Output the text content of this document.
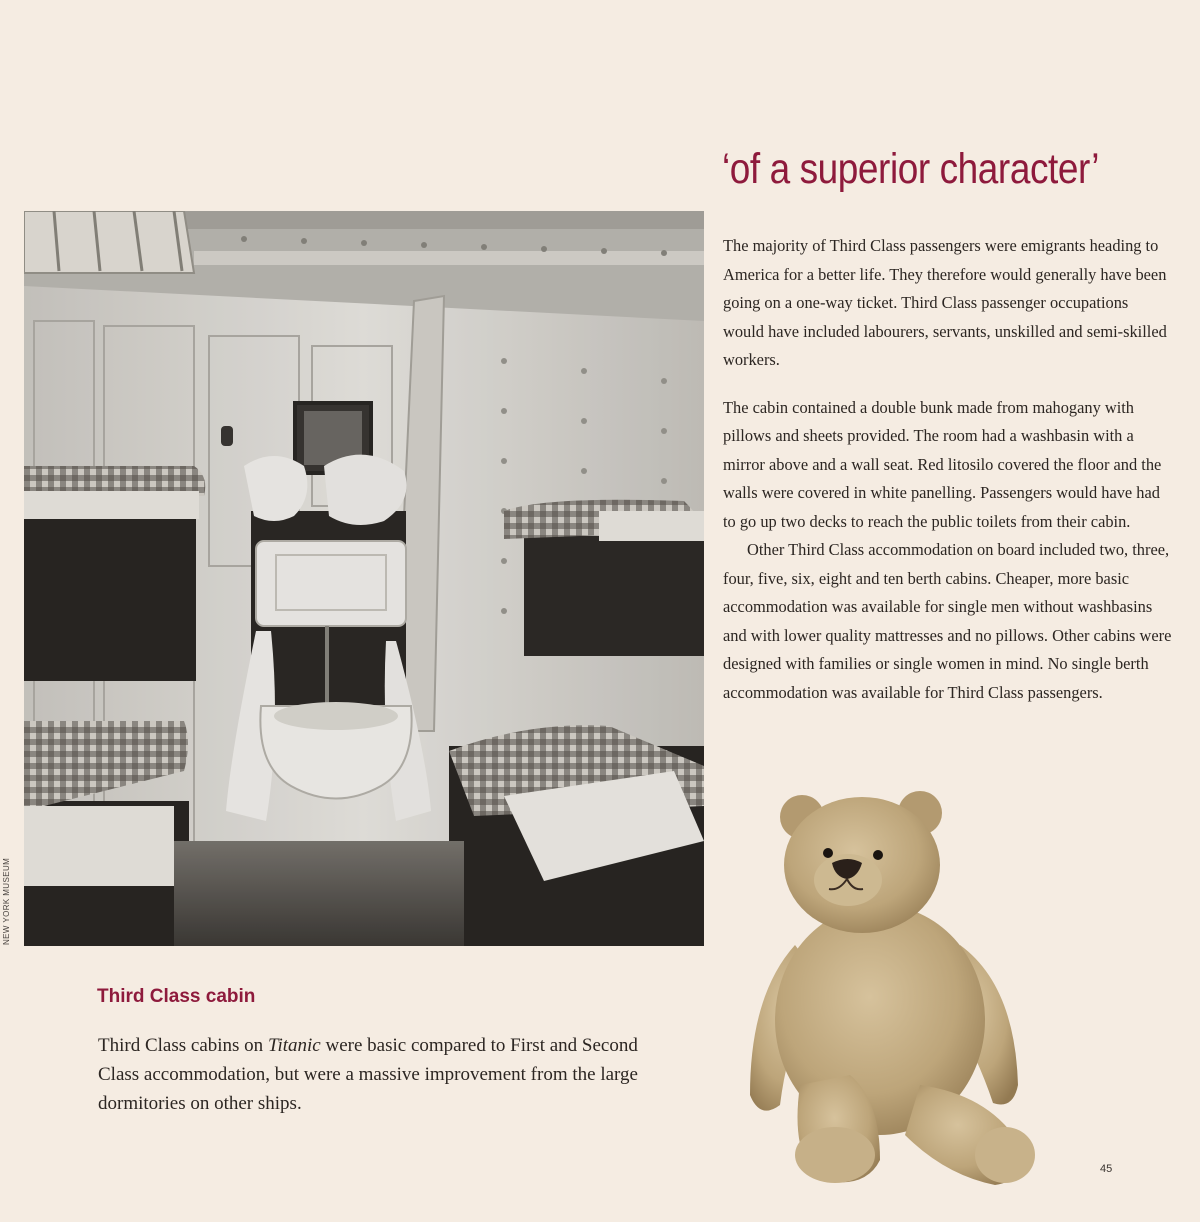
‘of a superior character’

The majority of Third Class passengers were emigrants heading to America for a better life. They therefore would generally have been going on a one-way ticket. Third Class passenger occupations would have included labourers, servants, unskilled and semi-skilled workers.

The cabin contained a double bunk made from mahogany with pillows and sheets provided. The room had a washbasin with a mirror above and a wall seat. Red litosilo covered the floor and the walls were covered in white panelling. Passengers would have had to go up two decks to reach the public toilets from their cabin.

Other Third Class accommodation on board included two, three, four, five, six, eight and ten berth cabins. Cheaper, more basic accommodation was available for single men without washbasins and with lower quality mattresses and no pillows. Other cabins were designed with families or single women in mind. No single berth accommodation was available for Third Class passengers.

NEW YORK MUSEUM
Third Class cabin

Third Class cabins on Titanic were basic compared to First and Second Class accommodation, but were a massive improvement from the large dormitories on other ships.

45
